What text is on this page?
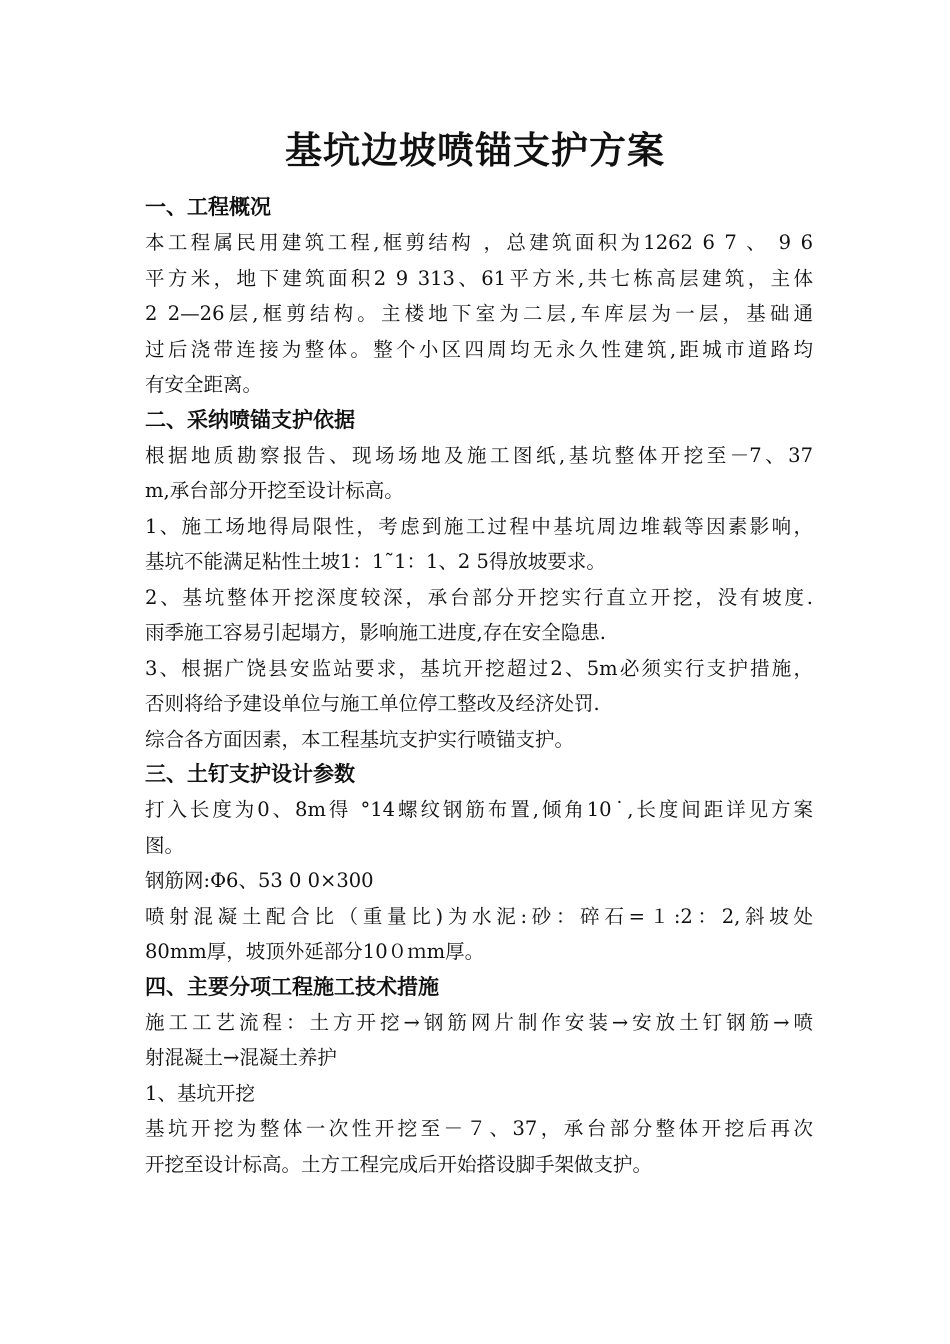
基坑边坡喷锚支护方案
一、工程概况
本工程属民用建筑工程,框剪结构 ，总建筑面积为1262 6 7 、 9 6
平方米，地下建筑面积2 9 313、61平方米,共七栋高层建筑，主体
2 2—26层,框剪结构。主楼地下室为二层,车库层为一层，基础通
过后浇带连接为整体。整个小区四周均无永久性建筑,距城市道路均
有安全距离。
二、采纳喷锚支护依据
根据地质勘察报告、现场场地及施工图纸,基坑整体开挖至－7、37
m,承台部分开挖至设计标高。
1、施工场地得局限性，考虑到施工过程中基坑周边堆载等因素影响，
基坑不能满足粘性土坡1：1˜1：1、2 5得放坡要求。
2、基坑整体开挖深度较深，承台部分开挖实行直立开挖，没有坡度.
雨季施工容易引起塌方，影响施工进度,存在安全隐患.
3、根据广饶县安监站要求，基坑开挖超过2、5m必须实行支护措施，
否则将给予建设单位与施工单位停工整改及经济处罚.
综合各方面因素，本工程基坑支护实行喷锚支护。
三、土钉支护设计参数
打入长度为0、8m得 °14螺纹钢筋布置,倾角10˙,长度间距详见方案
图。
钢筋网:Φ6、53 0 0×300
喷射混凝土配合比（重量比)为水泥:砂：碎石=１:2：2,斜坡处
80mm厚，坡顶外延部分10０ｍm厚。
四、主要分项工程施工技术措施
施工工艺流程：土方开挖→钢筋网片制作安装→安放土钉钢筋→喷
射混凝土→混凝土养护
1、基坑开挖
基坑开挖为整体一次性开挖至－７、37，承台部分整体开挖后再次
开挖至设计标高。土方工程完成后开始搭设脚手架做支护。
